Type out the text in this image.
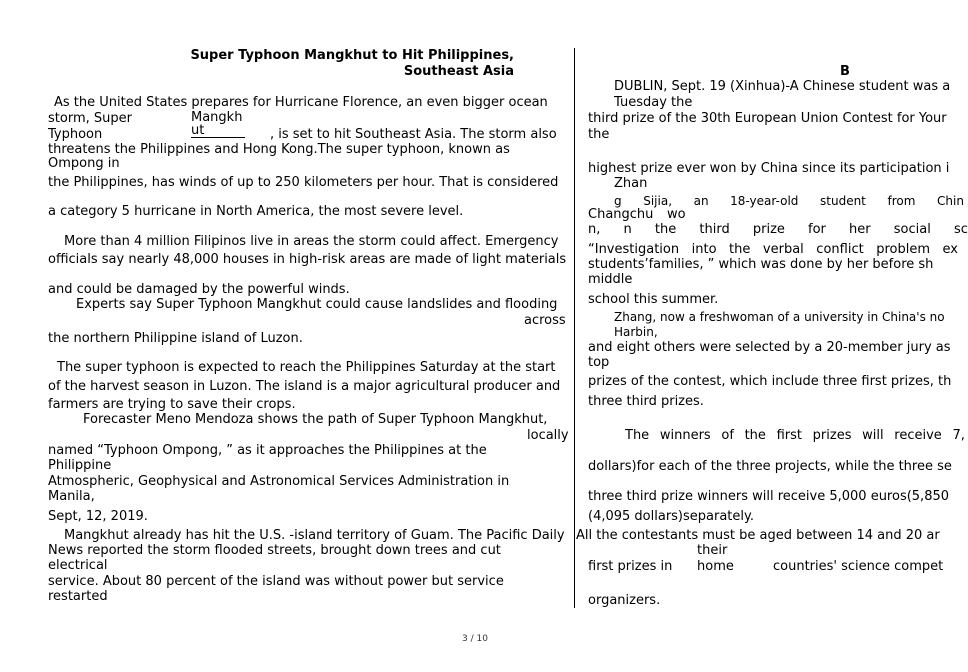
Super Typhoon Mangkhut to Hit Philippines,
Southeast Asia
As the United States prepares for Hurricane Florence, an even bigger ocean
storm, Super	Mangkh
ut
Typhoon	, is set to hit Southeast Asia. The storm also
threatens the Philippines and Hong Kong.The super typhoon, known as
Ompong in
the Philippines, has winds of up to 250 kilometers per hour. That is considered
a category 5 hurricane in North America, the most severe level.
More than 4 million Filipinos live in areas the storm could affect. Emergency
officials say nearly 48,000 houses in high-risk areas are made of light materials
and could be damaged by the powerful winds.
Experts say Super Typhoon Mangkhut could cause landslides and flooding
across
the northern Philippine island of Luzon.
The super typhoon is expected to reach the Philippines Saturday at the start
of the harvest season in Luzon. The island is a major agricultural producer and
farmers are trying to save their crops.
Forecaster Meno Mendoza shows the path of Super Typhoon Mangkhut,
locally
named “Typhoon Ompong, ” as it approaches the Philippines at the
Philippine
Atmospheric, Geophysical and Astronomical Services Administration in
Manila,
Sept, 12, 2019.
Mangkhut already has hit the U.S. -island territory of Guam. The Pacific Daily
News reported the storm flooded streets, brought down trees and cut
electrical
service. About 80 percent of the island was without power but service
restarted
B
DUBLIN, Sept. 19 (Xinhua)-A Chinese student was a
Tuesday the
third prize of the 30th European Union Contest for Your
the
highest prize ever won by China since its participation i
Zhan
g Sijia, an 18-year-old student from Chin
Changchu wo
n, n the third prize for her social sc
“Investigation into the verbal conflict problem ex
students’families, ” which was done by her before sh
middle
school this summer.
Zhang, now a freshwoman of a university in China's no
Harbin,
and eight others were selected by a 20-member jury as
top
prizes of the contest, which include three first prizes, th
three third prizes.
The winners of the first prizes will receive 7,
dollars)for each of the three projects, while the three se
three third prize winners will receive 5,000 euros(5,850
(4,095 dollars)separately.
All the contestants must be aged between 14 and 20 ar
their
first prizes in home	countries' science compet
organizers.
3 / 10
